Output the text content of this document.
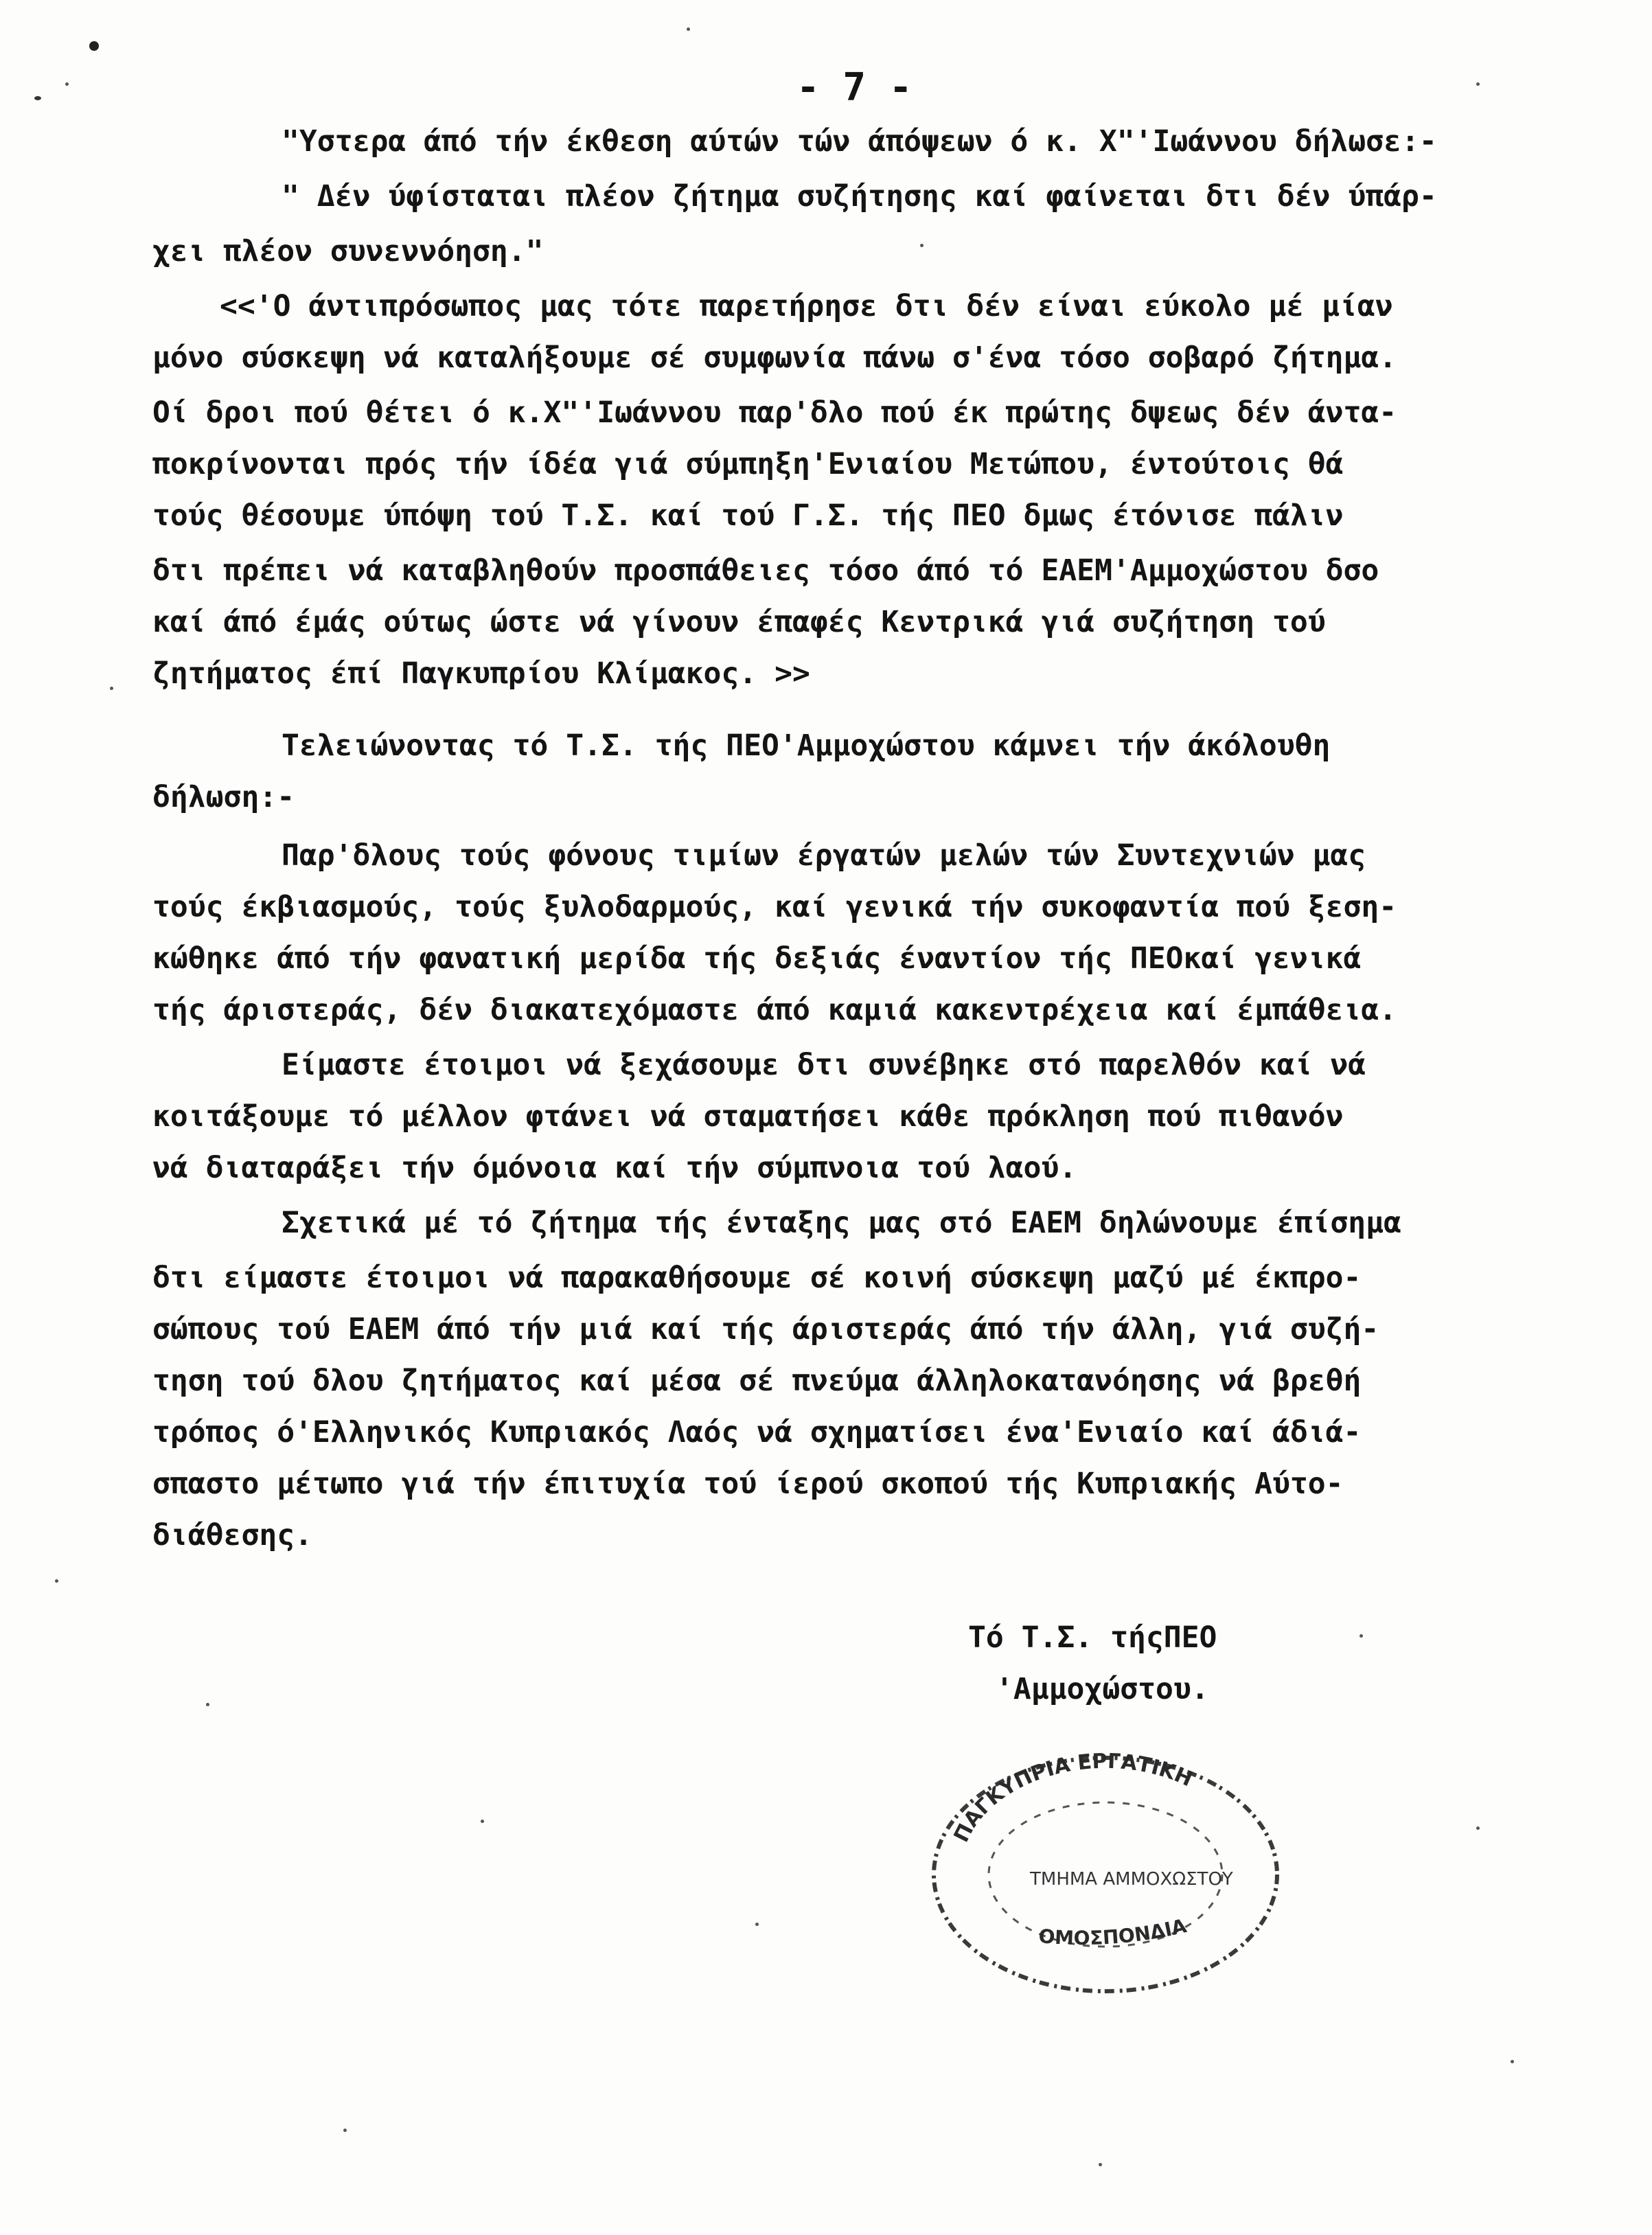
- 7 -
"Υστερα άπό τήν έκθεση αύτών τών άπόψεων ό κ. Χ"'Ιωάννου δήλωσε:-
" Δέν ύφίσταται πλέον ζήτημα συζήτησης καί φαίνεται δτι δέν ύπάρ-
χει πλέον συνεννόηση."
<<'Ο άντιπρόσωπος μας τότε παρετήρησε δτι δέν είναι εύκολο μέ μίαν
μόνο σύσκεψη νά καταλήξουμε σέ συμφωνία πάνω σ'ένα τόσο σοβαρό ζήτημα.
Οί δροι πού θέτει ό κ.Χ"'Ιωάννου παρ'δλο πού έκ πρώτης δψεως δέν άντα-
ποκρίνονται πρός τήν ίδέα γιά σύμπηξη'Ενιαίου Μετώπου, έντούτοις θά
τούς θέσουμε ύπόψη τού Τ.Σ. καί τού Γ.Σ. τής ΠΕΟ δμως έτόνισε πάλιν
δτι πρέπει νά καταβληθούν προσπάθειες τόσο άπό τό ΕΑΕΜ'Αμμοχώστου δσο
καί άπό έμάς ούτως ώστε νά γίνουν έπαφές Κεντρικά γιά συζήτηση τού
ζητήματος έπί Παγκυπρίου Κλίμακος. >>
Τελειώνοντας τό Τ.Σ. τής ΠΕΟ'Αμμοχώστου κάμνει τήν άκόλουθη
δήλωση:-
Παρ'δλους τούς φόνους τιμίων έργατών μελών τών Συντεχνιών μας
τούς έκβιασμούς, τούς ξυλοδαρμούς, καί γενικά τήν συκοφαντία πού ξεση-
κώθηκε άπό τήν φανατική μερίδα τής δεξιάς έναντίον τής ΠΕΟκαί γενικά
τής άριστεράς, δέν διακατεχόμαστε άπό καμιά κακεντρέχεια καί έμπάθεια.
Είμαστε έτοιμοι νά ξεχάσουμε δτι συνέβηκε στό παρελθόν καί νά
κοιτάξουμε τό μέλλον φτάνει νά σταματήσει κάθε πρόκληση πού πιθανόν
νά διαταράξει τήν όμόνοια καί τήν σύμπνοια τού λαού.
Σχετικά μέ τό ζήτημα τής ένταξης μας στό ΕΑΕΜ δηλώνουμε έπίσημα
δτι είμαστε έτοιμοι νά παρακαθήσουμε σέ κοινή σύσκεψη μαζύ μέ έκπρο-
σώπους τού ΕΑΕΜ άπό τήν μιά καί τής άριστεράς άπό τήν άλλη, γιά συζή-
τηση τού δλου ζητήματος καί μέσα σέ πνεύμα άλληλοκατανόησης νά βρεθή
τρόπος ό'Ελληνικός Κυπριακός Λαός νά σχηματίσει ένα'Ενιαίο καί άδιά-
σπαστο μέτωπο γιά τήν έπιτυχία τού ίερού σκοπού τής Κυπριακής Αύτο-
διάθεσης.
Τό Τ.Σ. τήςΠΕΟ
'Αμμοχώστου.
ΠΑΓΚΥΠΡΙΑ ΕΡΓΑΤΙΚΗ
ΤΜΗΜΑ ΑΜΜΟΧΩΣΤΟΥ
ΟΜΟΣΠΟΝΔΙΑ
